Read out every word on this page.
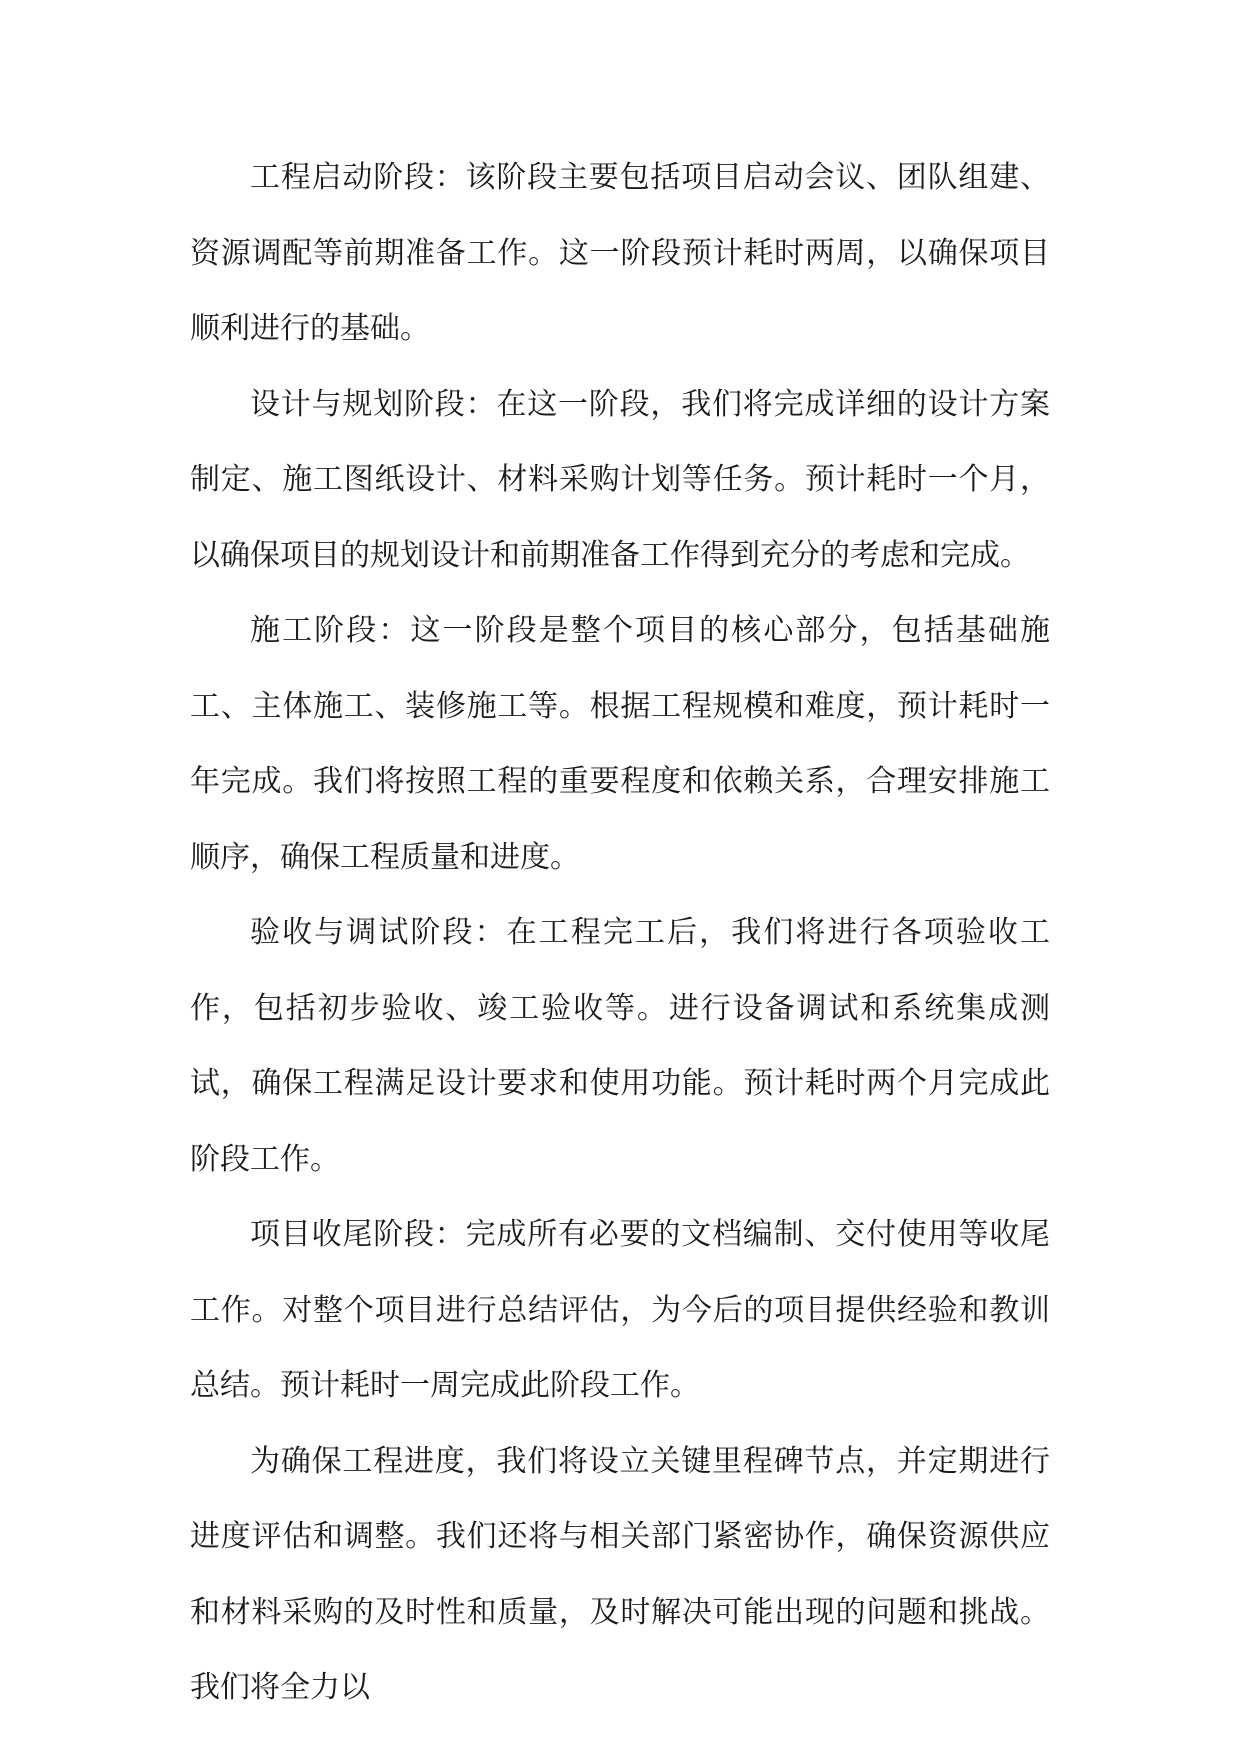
工程启动阶段：该阶段主要包括项目启动会议、团队组建、资源调配等前期准备工作。这一阶段预计耗时两周，以确保项目顺利进行的基础。

设计与规划阶段：在这一阶段，我们将完成详细的设计方案制定、施工图纸设计、材料采购计划等任务。预计耗时一个月，以确保项目的规划设计和前期准备工作得到充分的考虑和完成。

施工阶段：这一阶段是整个项目的核心部分，包括基础施工、主体施工、装修施工等。根据工程规模和难度，预计耗时一年完成。我们将按照工程的重要程度和依赖关系，合理安排施工顺序，确保工程质量和进度。

验收与调试阶段：在工程完工后，我们将进行各项验收工作，包括初步验收、竣工验收等。进行设备调试和系统集成测试，确保工程满足设计要求和使用功能。预计耗时两个月完成此阶段工作。

项目收尾阶段：完成所有必要的文档编制、交付使用等收尾工作。对整个项目进行总结评估，为今后的项目提供经验和教训总结。预计耗时一周完成此阶段工作。

为确保工程进度，我们将设立关键里程碑节点，并定期进行进度评估和调整。我们还将与相关部门紧密协作，确保资源供应和材料采购的及时性和质量，及时解决可能出现的问题和挑战。我们将全力以
